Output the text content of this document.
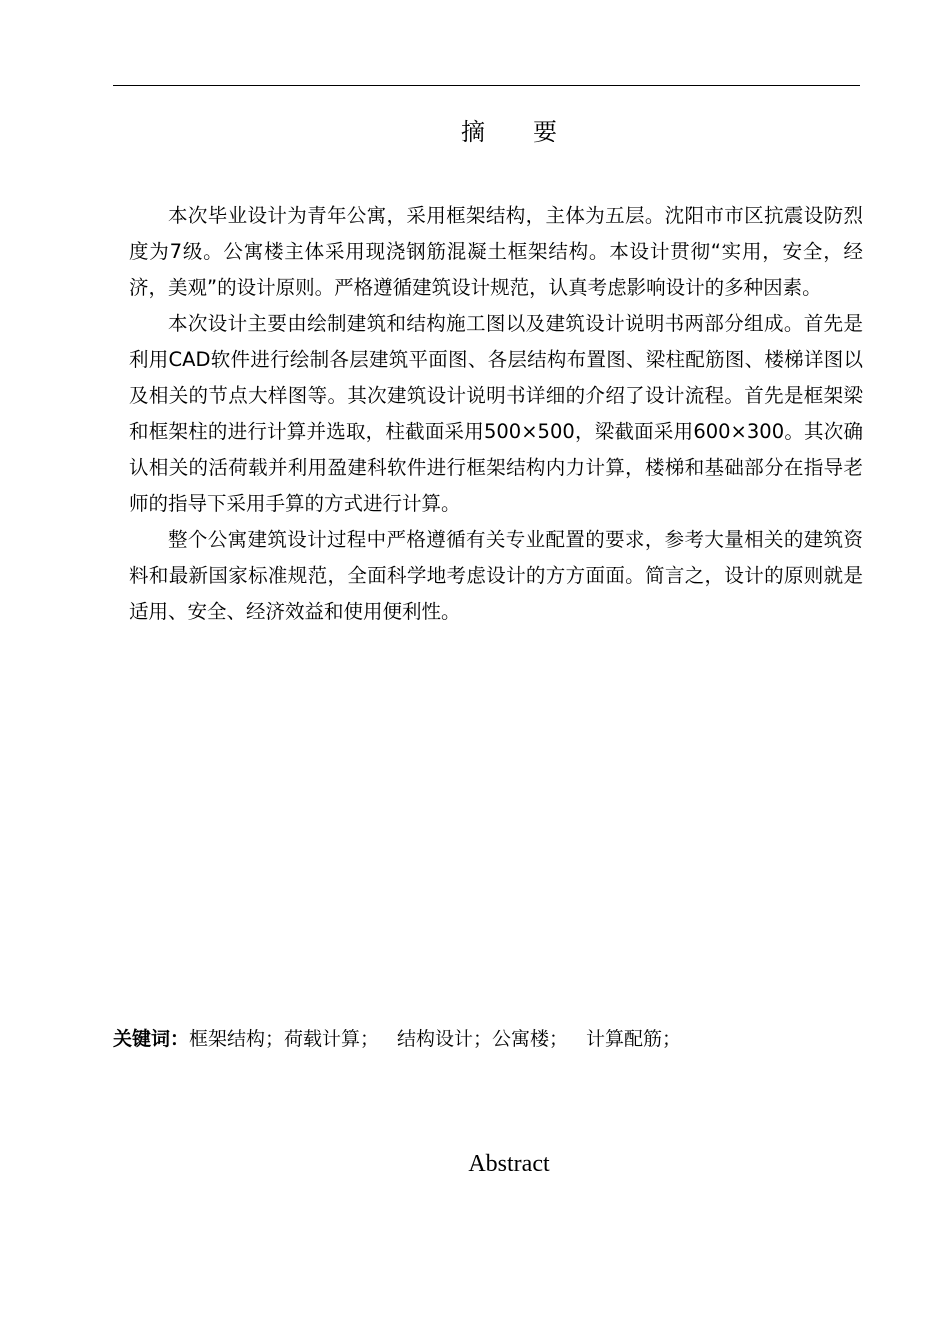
摘　　要

本次毕业设计为青年公寓，采用框架结构，主体为五层。沈阳市市区抗震设防烈度为7级。公寓楼主体采用现浇钢筋混凝土框架结构。本设计贯彻“实用，安全，经济，美观”的设计原则。严格遵循建筑设计规范，认真考虑影响设计的多种因素。

本次设计主要由绘制建筑和结构施工图以及建筑设计说明书两部分组成。首先是利用CAD软件进行绘制各层建筑平面图、各层结构布置图、梁柱配筋图、楼梯详图以及相关的节点大样图等。其次建筑设计说明书详细的介绍了设计流程。首先是框架梁和框架柱的进行计算并选取，柱截面采用500×500，梁截面采用600×300。其次确认相关的活荷载并利用盈建科软件进行框架结构内力计算，楼梯和基础部分在指导老师的指导下采用手算的方式进行计算。

整个公寓建筑设计过程中严格遵循有关专业配置的要求，参考大量相关的建筑资料和最新国家标准规范，全面科学地考虑设计的方方面面。简言之，设计的原则就是适用、安全、经济效益和使用便利性。

关键词：框架结构；荷载计算； 结构设计；公寓楼； 计算配筋；
Abstract
